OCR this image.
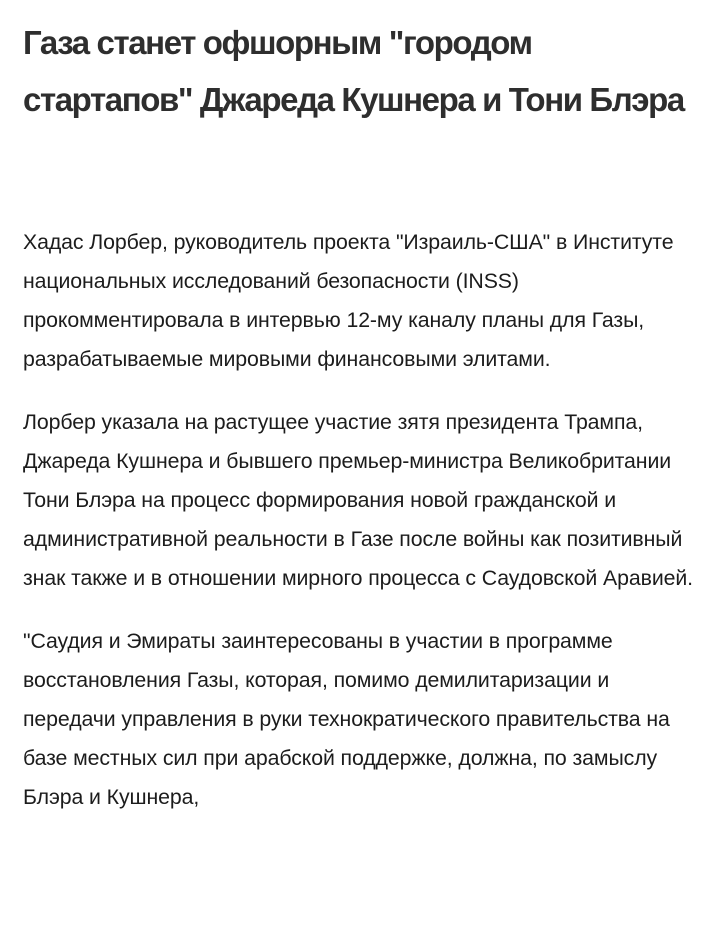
Газа станет офшорным "городом стартапов" Джареда Кушнера и Тони Блэра

Хадас Лорбер, руководитель проекта "Израиль-США" в Институте национальных исследований безопасности (INSS) прокомментировала в интервью 12-му каналу планы для Газы, разрабатываемые мировыми финансовыми элитами.

Лорбер указала на растущее участие зятя президента Трампа, Джареда Кушнера и бывшего премьер-министра Великобритании Тони Блэра на процесс формирования новой гражданской и административной реальности в Газе после войны как позитивный знак также и в отношении мирного процесса с Саудовской Аравией.

"Саудия и Эмираты заинтересованы в участии в программе восстановления Газы, которая, помимо демилитаризации и передачи управления в руки технократического правительства на базе местных сил при арабской поддержке, должна, по замыслу Блэра и Кушнера,
